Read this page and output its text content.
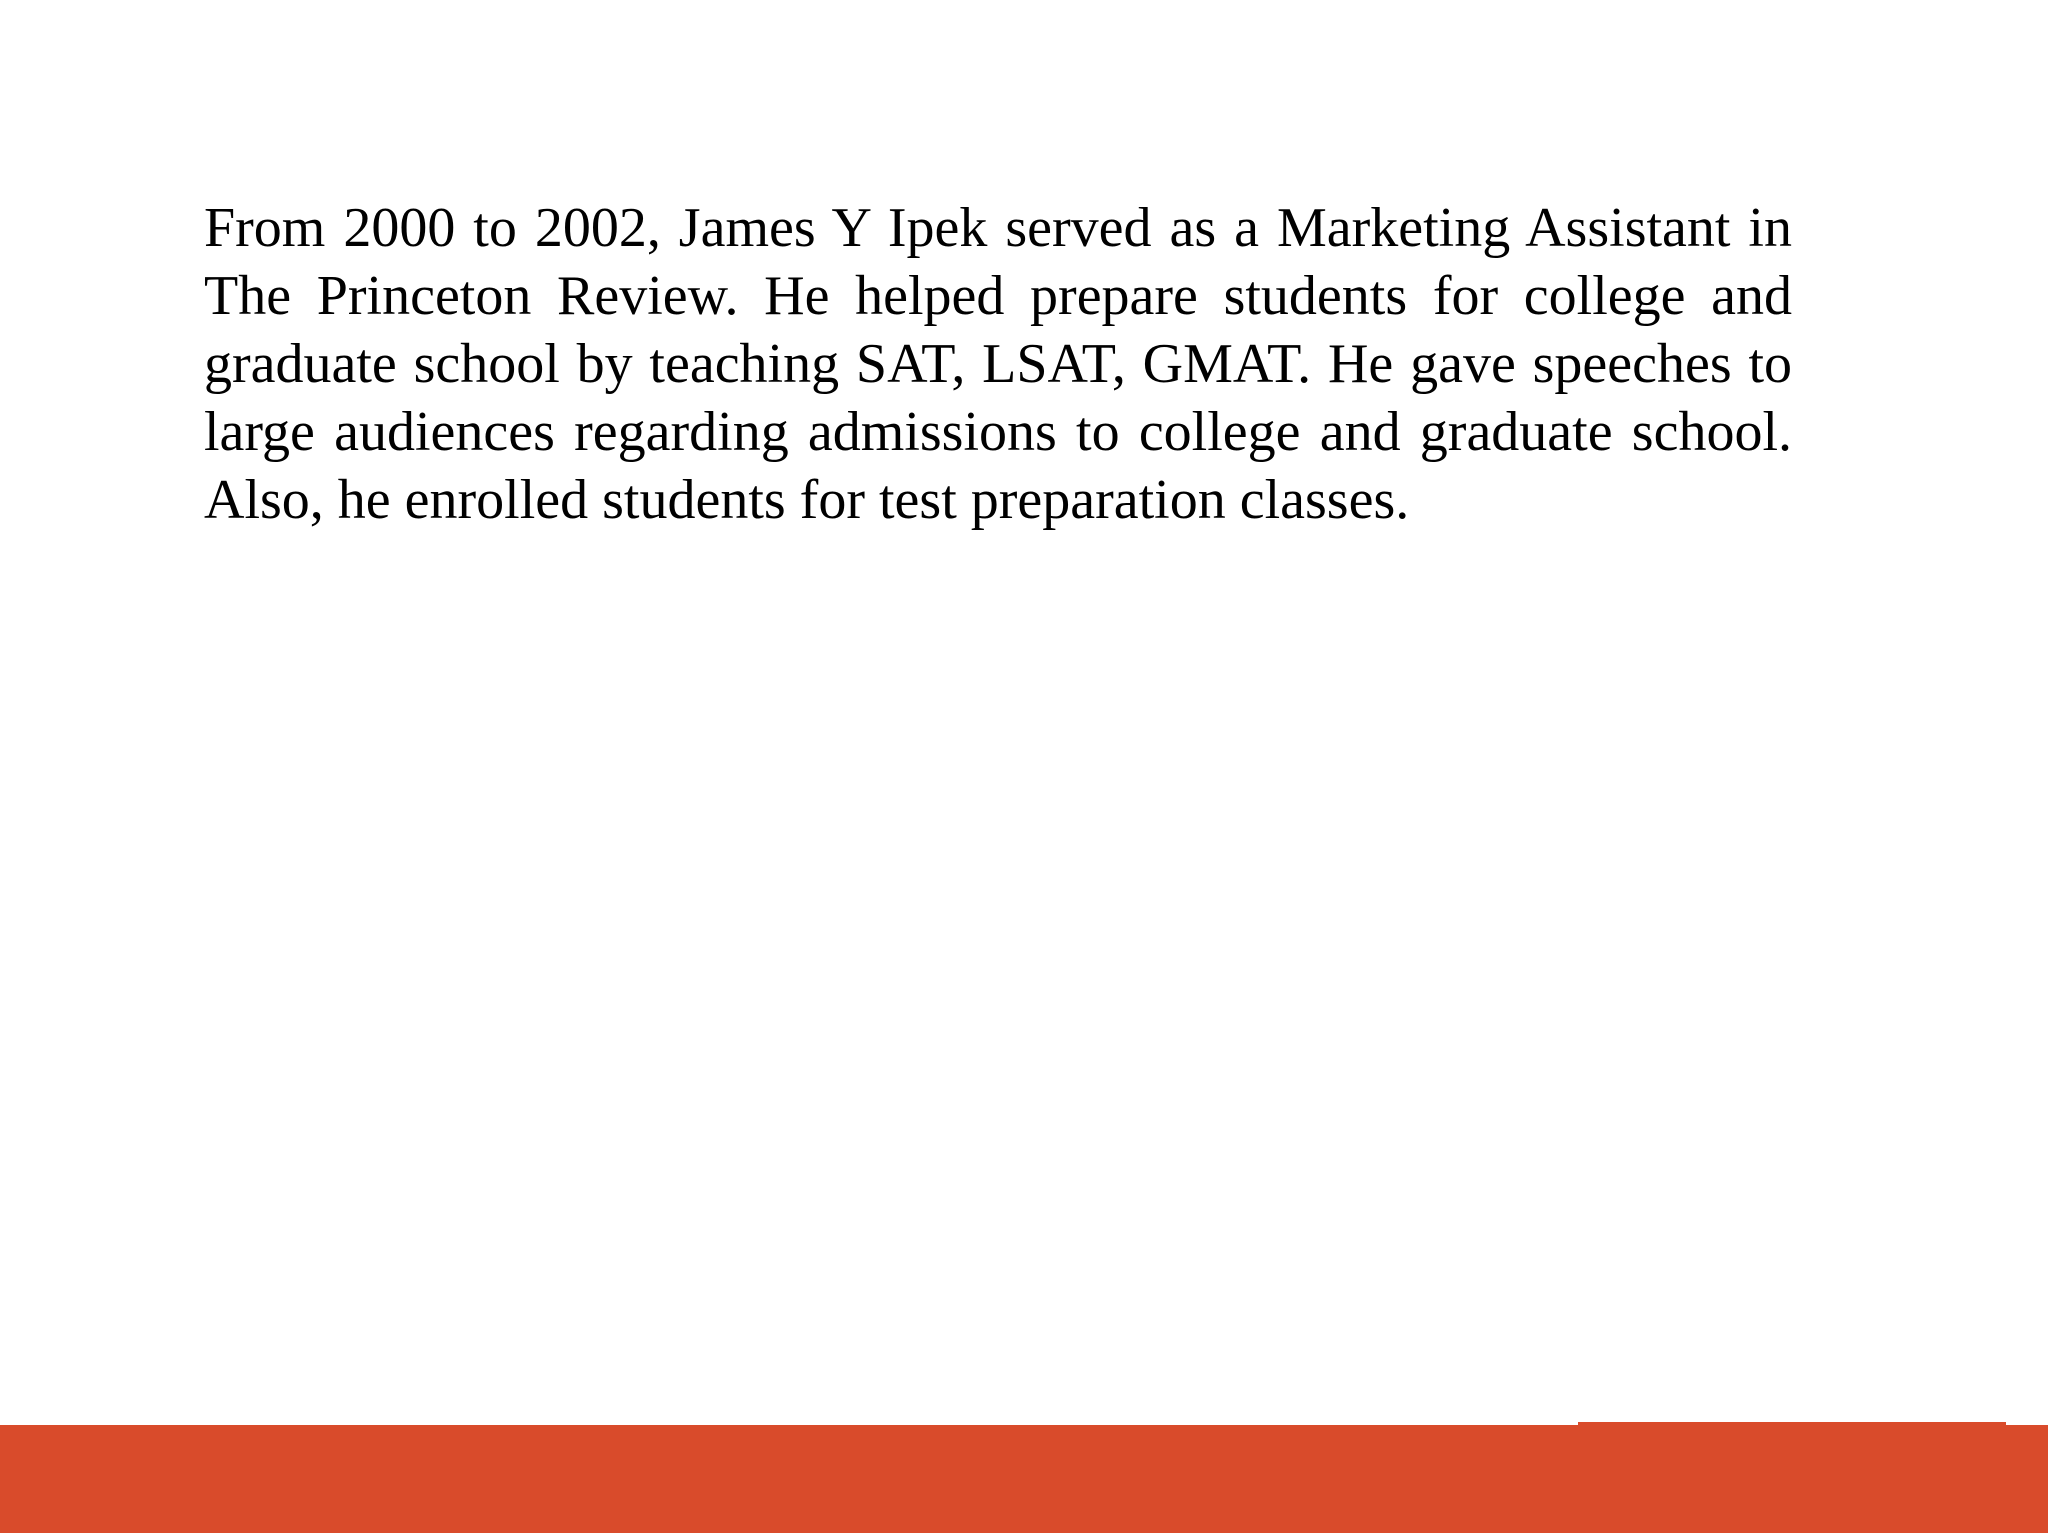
From 2000 to 2002, James Y Ipek served as a Marketing Assistant in The Princeton Review. He helped prepare students for college and graduate school by teaching SAT, LSAT, GMAT. He gave speeches to large audiences regarding admissions to college and graduate school. Also, he enrolled students for test preparation classes.
